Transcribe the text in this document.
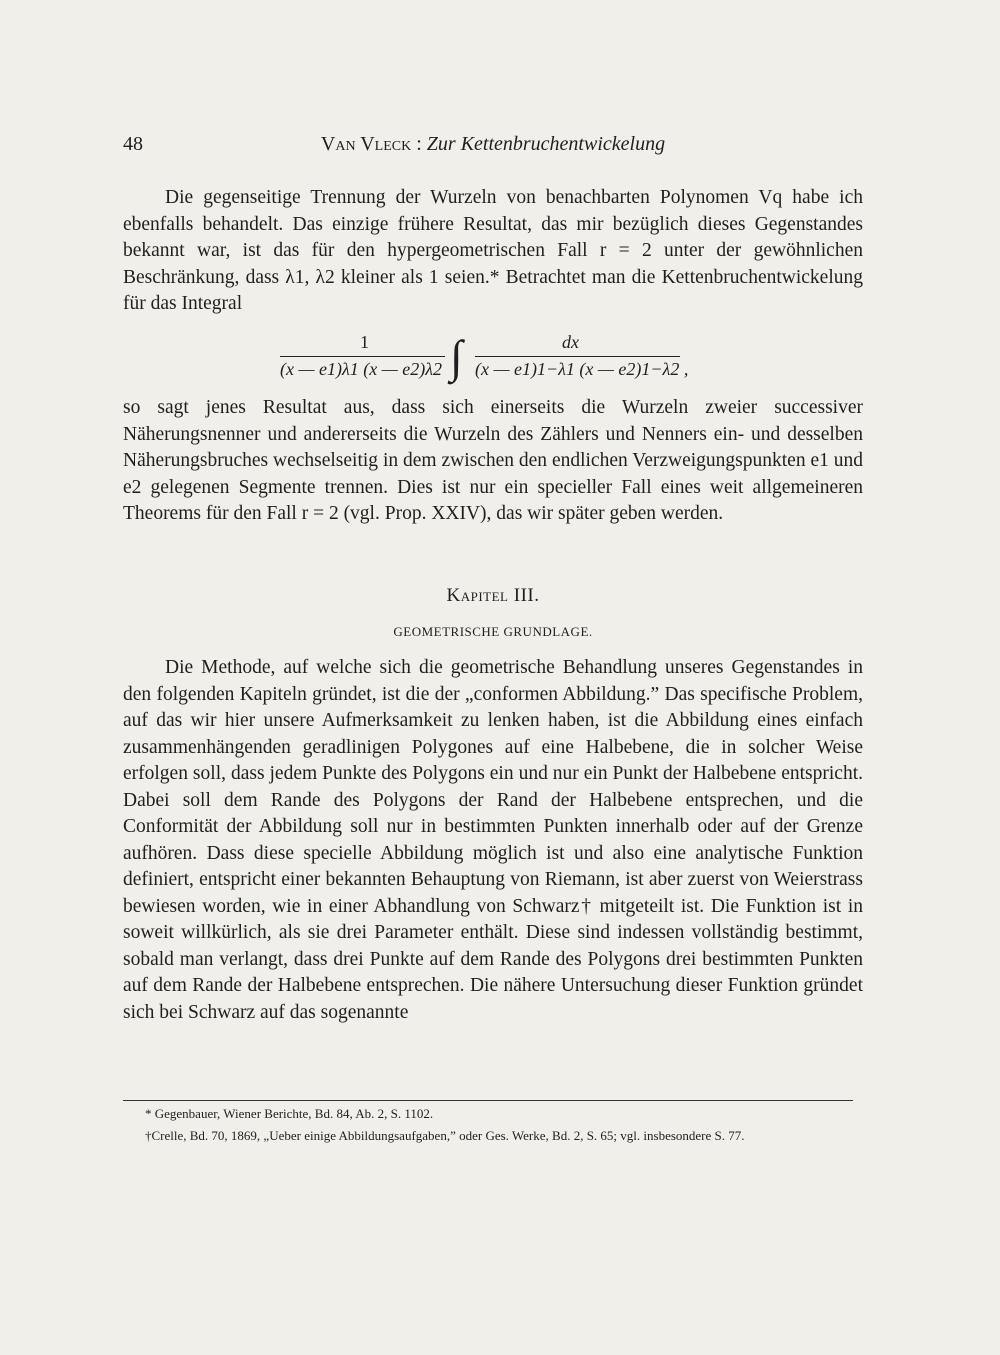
48	Van Vleck : Zur Kettenbruchentwickelung

Die gegenseitige Trennung der Wurzeln von benachbarten Polynomen Vq habe ich ebenfalls behandelt. Das einzige frühere Resultat, das mir bezüglich dieses Gegenstandes bekannt war, ist das für den hypergeometrischen Fall r = 2 unter der gewöhnlichen Beschränkung, dass λ1, λ2 kleiner als 1 seien.* Betrachtet man die Kettenbruchentwickelung für das Integral

1
(x — e1)λ1 (x — e2)λ2 ∫	dx
(x — e1)1−λ1 (x — e2)1−λ2 ,

so sagt jenes Resultat aus, dass sich einerseits die Wurzeln zweier successiver Näherungsnenner und andererseits die Wurzeln des Zählers und Nenners ein- und desselben Näherungsbruches wechselseitig in dem zwischen den endlichen Verzweigungspunkten e1 und e2 gelegenen Segmente trennen. Dies ist nur ein specieller Fall eines weit allgemeineren Theorems für den Fall r = 2 (vgl. Prop. XXIV), das wir später geben werden.

Kapitel III.
GEOMETRISCHE GRUNDLAGE.

Die Methode, auf welche sich die geometrische Behandlung unseres Gegenstandes in den folgenden Kapiteln gründet, ist die der „conformen Abbildung.” Das specifische Problem, auf das wir hier unsere Aufmerksamkeit zu lenken haben, ist die Abbildung eines einfach zusammenhängenden geradlinigen Polygones auf eine Halbebene, die in solcher Weise erfolgen soll, dass jedem Punkte des Polygons ein und nur ein Punkt der Halbebene entspricht. Dabei soll dem Rande des Polygons der Rand der Halbebene entsprechen, und die Conformität der Abbildung soll nur in bestimmten Punkten innerhalb oder auf der Grenze aufhören. Dass diese specielle Abbildung möglich ist und also eine analytische Funktion definiert, entspricht einer bekannten Behauptung von Riemann, ist aber zuerst von Weierstrass bewiesen worden, wie in einer Abhandlung von Schwarz† mitgeteilt ist. Die Funktion ist in soweit willkürlich, als sie drei Parameter enthält. Diese sind indessen vollständig bestimmt, sobald man verlangt, dass drei Punkte auf dem Rande des Polygons drei bestimmten Punkten auf dem Rande der Halbebene entsprechen. Die nähere Untersuchung dieser Funktion gründet sich bei Schwarz auf das sogenannte

* Gegenbauer, Wiener Berichte, Bd. 84, Ab. 2, S. 1102.
†Crelle, Bd. 70, 1869, „Ueber einige Abbildungsaufgaben,” oder Ges. Werke, Bd. 2, S. 65; vgl. insbesondere S. 77.
